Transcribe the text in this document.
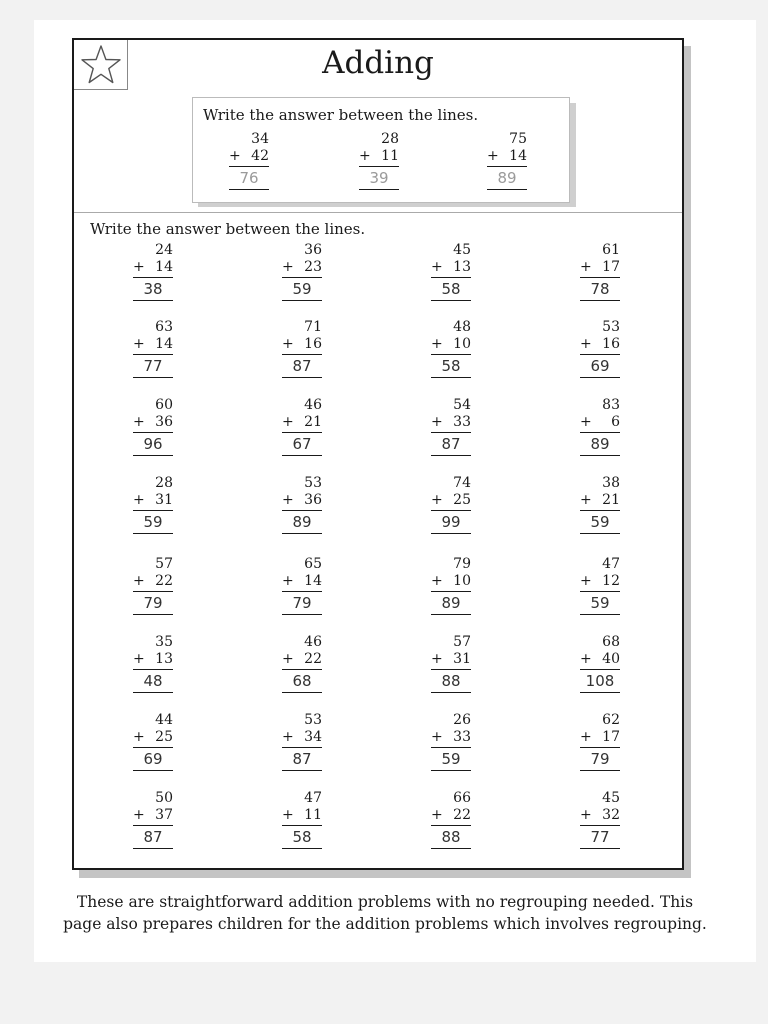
Adding
Write the answer between the lines.
34
+ 42
76
28
+ 11
39
75
+ 14
89
Write the answer between the lines.
24
+ 14
38
36
+ 23
59
45
+ 13
58
61
+ 17
78
63
+ 14
77
71
+ 16
87
48
+ 10
58
53
+ 16
69
60
+ 36
96
46
+ 21
67
54
+ 33
87
83
+ 6
89
28
+ 31
59
53
+ 36
89
74
+ 25
99
38
+ 21
59
57
+ 22
79
65
+ 14
79
79
+ 10
89
47
+ 12
59
35
+ 13
48
46
+ 22
68
57
+ 31
88
68
+ 40
108
44
+ 25
69
53
+ 34
87
26
+ 33
59
62
+ 17
79
50
+ 37
87
47
+ 11
58
66
+ 22
88
45
+ 32
77
These are straightforward addition problems with no regrouping needed. This
page also prepares children for the addition problems which involves regrouping.
